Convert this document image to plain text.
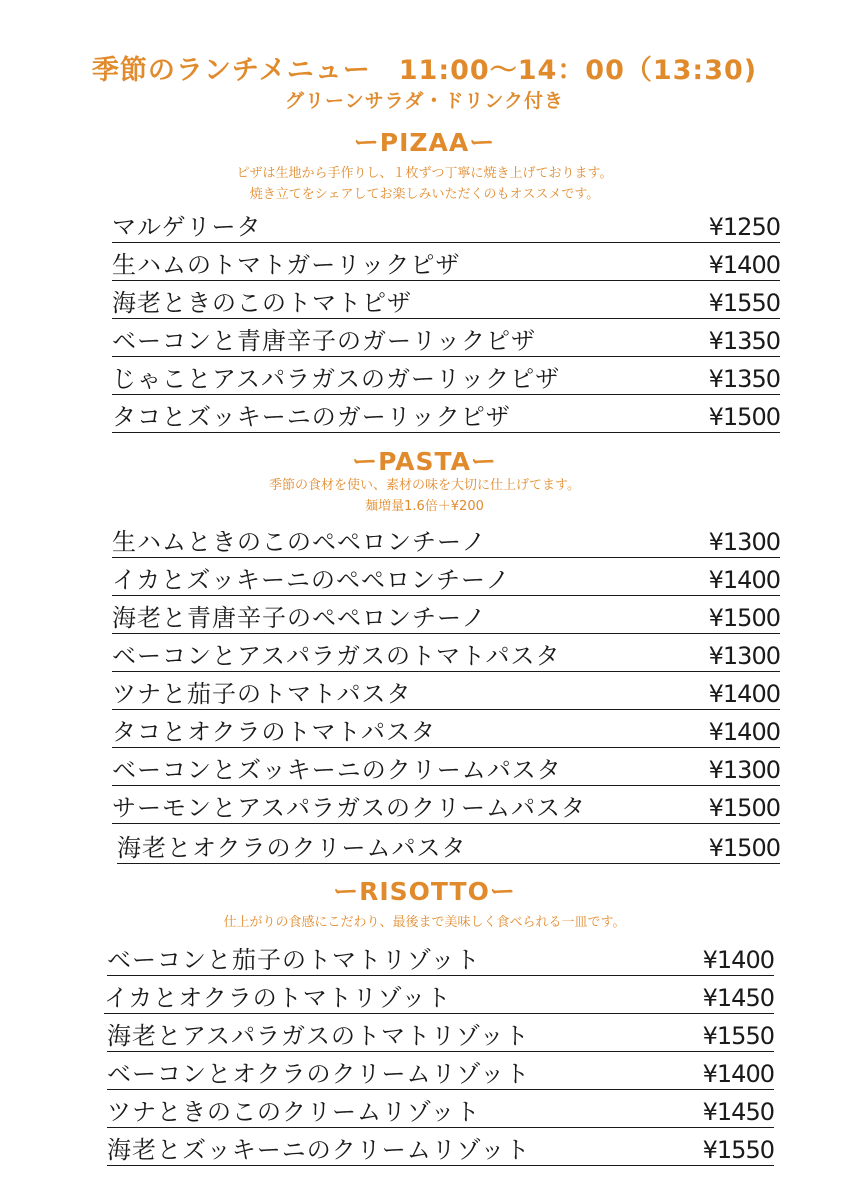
季節のランチメニュー　11:00〜14：00（13:30)
グリーンサラダ・ドリンク付き
ーPIZAAー
ピザは生地から手作りし、１枚ずつ丁寧に焼き上げております。
焼き立てをシェアしてお楽しみいただくのもオススメです。
マルゲリータ	¥1250
生ハムのトマトガーリックピザ	¥1400
海老ときのこのトマトピザ	¥1550
ベーコンと青唐辛子のガーリックピザ	¥1350
じゃことアスパラガスのガーリックピザ	¥1350
タコとズッキーニのガーリックピザ	¥1500
ーPASTAー
季節の食材を使い、素材の味を大切に仕上げてます。
麺増量1.6倍＋¥200
生ハムときのこのペペロンチーノ	¥1300
イカとズッキーニのペペロンチーノ	¥1400
海老と青唐辛子のペペロンチーノ	¥1500
ベーコンとアスパラガスのトマトパスタ	¥1300
ツナと茄子のトマトパスタ	¥1400
タコとオクラのトマトパスタ	¥1400
ベーコンとズッキーニのクリームパスタ	¥1300
サーモンとアスパラガスのクリームパスタ	¥1500
海老とオクラのクリームパスタ	¥1500
ーRISOTTOー
仕上がりの食感にこだわり、最後まで美味しく食べられる一皿です。
ベーコンと茄子のトマトリゾット	¥1400
イカとオクラのトマトリゾット	¥1450
海老とアスパラガスのトマトリゾット	¥1550
ベーコンとオクラのクリームリゾット	¥1400
ツナときのこのクリームリゾット	¥1450
海老とズッキーニのクリームリゾット	¥1550
